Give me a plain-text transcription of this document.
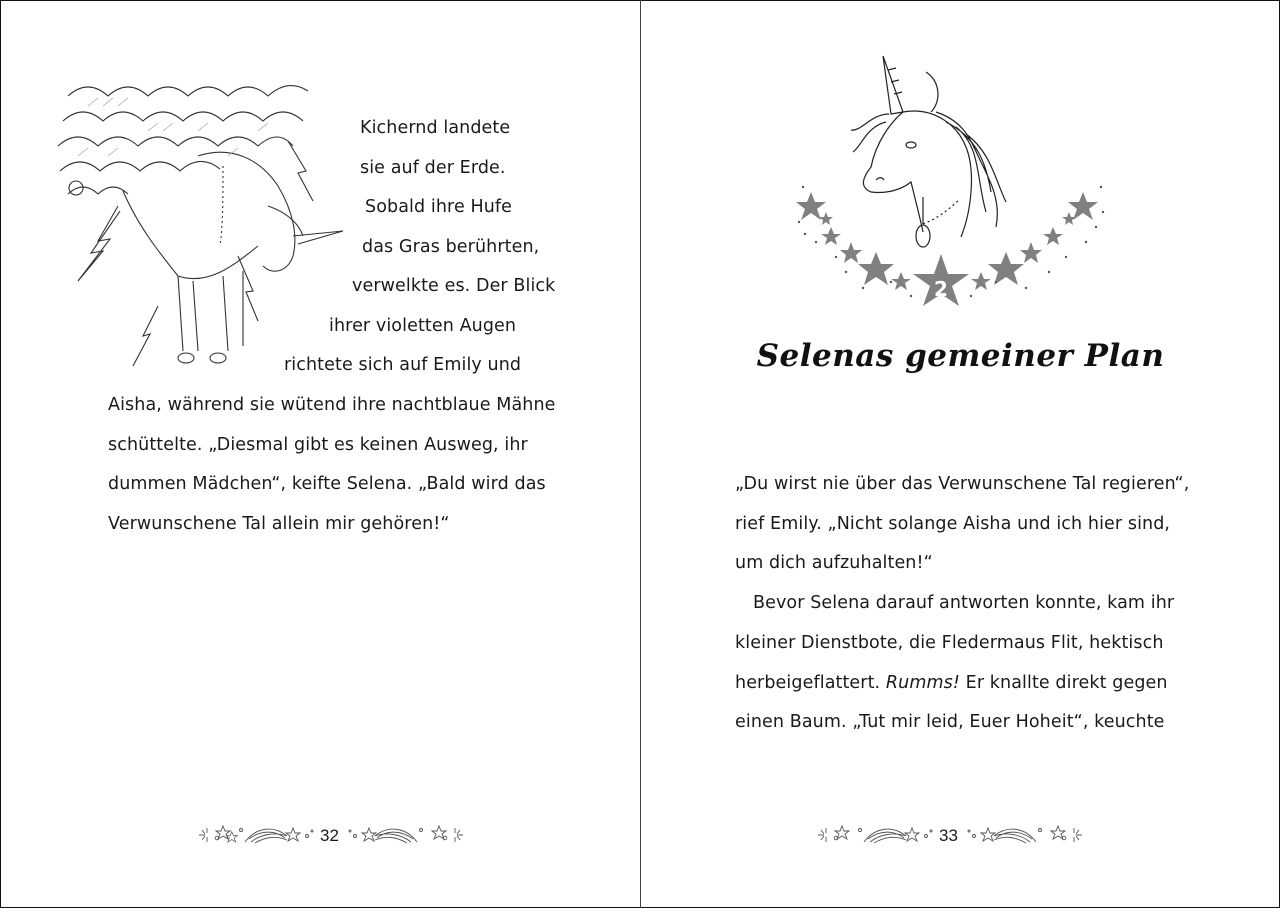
Kichernd landete
sie auf der Erde.
Sobald ihre Hufe
das Gras berührten,
verwelkte es. Der Blick
ihrer violetten Augen
richtete sich auf Emily und
Aisha, während sie wütend ihre nachtblaue Mähne
schüttelte. „Diesmal gibt es keinen Ausweg, ihr
dummen Mädchen“, keifte Selena. „Bald wird das
Verwunschene Tal allein mir gehören!“
32
2
Selenas gemeiner Plan
„Du wirst nie über das Verwunschene Tal regieren“,
rief Emily. „Nicht solange Aisha und ich hier sind,
um dich aufzuhalten!“
Bevor Selena darauf antworten konnte, kam ihr
kleiner Dienstbote, die Fledermaus Flit, hektisch
herbeigeflattert. Rumms! Er knallte direkt gegen
einen Baum. „Tut mir leid, Euer Hoheit“, keuchte
33
